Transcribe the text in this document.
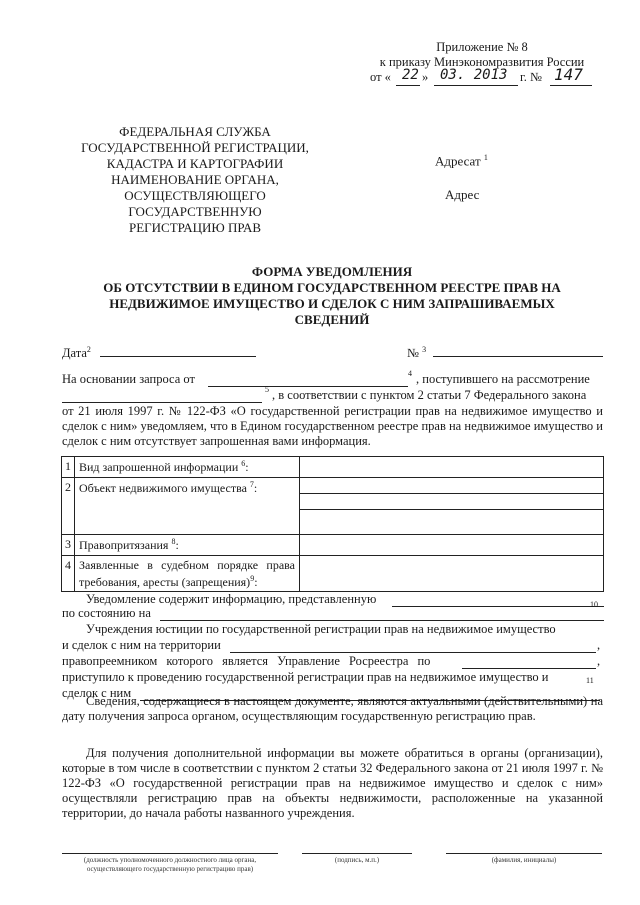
Приложение № 8
к приказу Минэкономразвития России
от « 22 » 03. 2013 г. № 147
ФЕДЕРАЛЬНАЯ СЛУЖБА
ГОСУДАРСТВЕННОЙ РЕГИСТРАЦИИ,
КАДАСТРА И КАРТОГРАФИИ
НАИМЕНОВАНИЕ ОРГАНА,
ОСУЩЕСТВЛЯЮЩЕГО
ГОСУДАРСТВЕННУЮ
РЕГИСТРАЦИЮ ПРАВ
Адресат $^1$
Адрес
ФОРМА УВЕДОМЛЕНИЯ
ОБ ОТСУТСТВИИ В ЕДИНОМ ГОСУДАРСТВЕННОМ РЕЕСТРЕ ПРАВ НА
НЕДВИЖИМОЕ ИМУЩЕСТВО И СДЕЛОК С НИМ ЗАПРАШИВАЕМЫХ
СВЕДЕНИЙ
Дата$^2$	№ $^3$
На основании запроса от	$^4$ , поступившего на рассмотрение
$^5$ , в соответствии с пунктом 2 статьи 7 Федерального закона
от 21 июля 1997 г. № 122-ФЗ «О государственной регистрации прав на недвижимое имущество и сделок с ним» уведомляем, что в Едином государственном реестре прав на недвижимое имущество и сделок с ним отсутствует запрошенная вами информация.
1	Вид запрошенной информации $^6$:	
2	Объект недвижимого имущества $^7$:	

3	Правопритязания $^8$:	
4	Заявленные в судебном порядке права требования, аресты (запрещения)$^9$:	
Уведомление содержит информацию, представленную
по состоянию на
10
Учреждения юстиции по государственной регистрации прав на недвижимое имущество
и сделок с ним на территории	,
правопреемником которого является Управление Росреестра по	,
приступило к проведению государственной регистрации прав на недвижимое имущество и
сделок с ним
11
Сведения, содержащиеся в настоящем документе, являются актуальными (действительными) на дату получения запроса органом, осуществляющим государственную регистрацию прав.
Для получения дополнительной информации вы можете обратиться в органы (организации), которые в том числе в соответствии с пунктом 2 статьи 32 Федерального закона от 21 июля 1997 г. № 122-ФЗ «О государственной регистрации прав на недвижимое имущество и сделок с ним» осуществляли регистрацию прав на объекты недвижимости, расположенные на указанной территории, до начала работы названного учреждения.
(должность уполномоченного должностного лица органа,
осуществляющего государственную регистрацию прав)
(подпись, м.п.)	(фамилия, инициалы)
